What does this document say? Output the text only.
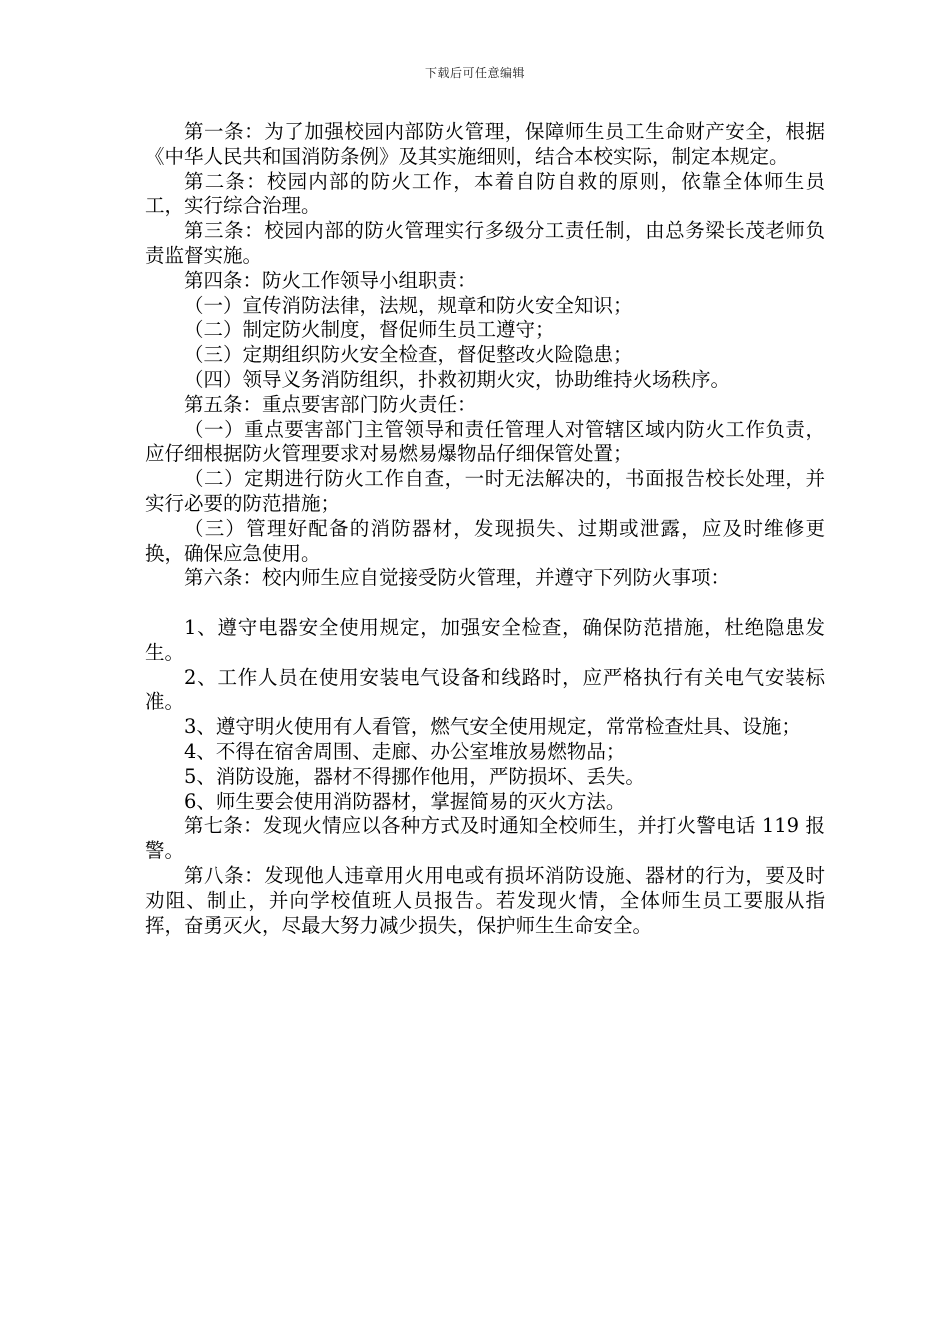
下载后可任意编辑

第一条：为了加强校园内部防火管理，保障师生员工生命财产安全，根据《中华人民共和国消防条例》及其实施细则，结合本校实际，制定本规定。

第二条：校园内部的防火工作，本着自防自救的原则，依靠全体师生员工，实行综合治理。

第三条：校园内部的防火管理实行多级分工责任制，由总务梁长茂老师负责监督实施。

第四条：防火工作领导小组职责：

（一）宣传消防法律，法规，规章和防火安全知识；

（二）制定防火制度，督促师生员工遵守；

（三）定期组织防火安全检查，督促整改火险隐患；

（四）领导义务消防组织，扑救初期火灾，协助维持火场秩序。

第五条：重点要害部门防火责任：

（一）重点要害部门主管领导和责任管理人对管辖区域内防火工作负责，应仔细根据防火管理要求对易燃易爆物品仔细保管处置；

（二）定期进行防火工作自查，一时无法解决的，书面报告校长处理，并实行必要的防范措施；

（三）管理好配备的消防器材，发现损失、过期或泄露，应及时维修更换，确保应急使用。

第六条：校内师生应自觉接受防火管理，并遵守下列防火事项：

1、遵守电器安全使用规定，加强安全检查，确保防范措施，杜绝隐患发生。

2、工作人员在使用安装电气设备和线路时，应严格执行有关电气安装标准。

3、遵守明火使用有人看管，燃气安全使用规定，常常检查灶具、设施；

4、不得在宿舍周围、走廊、办公室堆放易燃物品；

5、消防设施，器材不得挪作他用，严防损坏、丢失。

6、师生要会使用消防器材，掌握简易的灭火方法。

第七条：发现火情应以各种方式及时通知全校师生，并打火警电话 119 报警。

第八条：发现他人违章用火用电或有损坏消防设施、器材的行为，要及时劝阻、制止，并向学校值班人员报告。若发现火情，全体师生员工要服从指挥，奋勇灭火，尽最大努力减少损失，保护师生生命安全。
